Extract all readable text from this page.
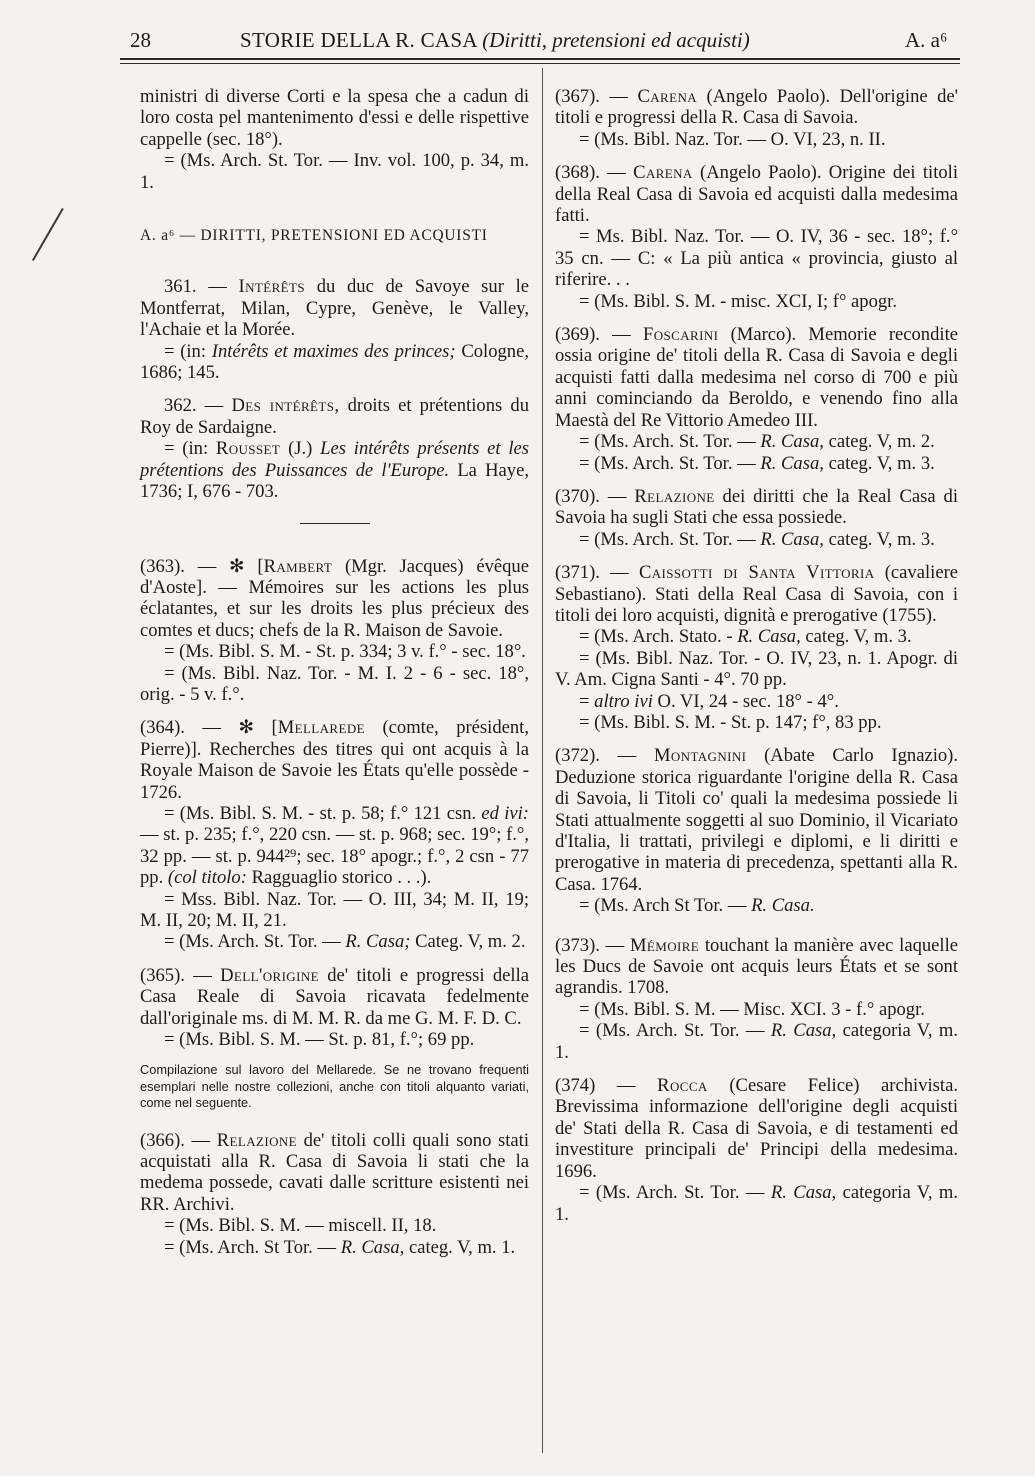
28	STORIE DELLA R. CASA (Diritti, pretensioni ed acquisti)	A. a⁶

ministri di diverse Corti e la spesa che a cadun di loro costa pel mantenimento d'essi e delle rispettive cappelle (sec. 18°).

= (Ms. Arch. St. Tor. — Inv. vol. 100, p. 34, m. 1.

A. a⁶ — DIRITTI, PRETENSIONI ED ACQUISTI

361. — Intérêts du duc de Savoye sur le Montferrat, Milan, Cypre, Genève, le Valley, l'Achaie et la Morée.

= (in: Intérêts et maximes des princes; Cologne, 1686; 145.

362. — Des intérêts, droits et prétentions du Roy de Sardaigne.

= (in: Rousset (J.) Les intérêts présents et les prétentions des Puissances de l'Europe. La Haye, 1736; I, 676 - 703.

(363). — ✻ [Rambert (Mgr. Jacques) évêque d'Aoste]. — Mémoires sur les actions les plus éclatantes, et sur les droits les plus précieux des comtes et ducs; chefs de la R. Maison de Savoie.

= (Ms. Bibl. S. M. - St. p. 334; 3 v. f.° - sec. 18°.

= (Ms. Bibl. Naz. Tor. - M. I. 2 - 6 - sec. 18°, orig. - 5 v. f.°.

(364). — ✻ [Mellarede (comte, président, Pierre)]. Recherches des titres qui ont acquis à la Royale Maison de Savoie les États qu'elle possède - 1726.

= (Ms. Bibl. S. M. - st. p. 58; f.° 121 csn. ed ivi: — st. p. 235; f.°, 220 csn. — st. p. 968; sec. 19°; f.°, 32 pp. — st. p. 944²⁹; sec. 18° apogr.; f.°, 2 csn - 77 pp. (col titolo: Ragguaglio storico . . .).

= Mss. Bibl. Naz. Tor. — O. III, 34; M. II, 19; M. II, 20; M. II, 21.

= (Ms. Arch. St. Tor. — R. Casa; Categ. V, m. 2.

(365). — Dell'origine de' titoli e progressi della Casa Reale di Savoia ricavata fedelmente dall'originale ms. di M. M. R. da me G. M. F. D. C.

= (Ms. Bibl. S. M. — St. p. 81, f.°; 69 pp.

Compilazione sul lavoro del Mellarede. Se ne trovano frequenti esemplari nelle nostre collezioni, anche con titoli alquanto variati, come nel seguente.

(366). — Relazione de' titoli colli quali sono stati acquistati alla R. Casa di Savoia li stati che la medema possede, cavati dalle scritture esistenti nei RR. Archivi.

= (Ms. Bibl. S. M. — miscell. II, 18.

= (Ms. Arch. St Tor. — R. Casa, categ. V, m. 1.

(367). — Carena (Angelo Paolo). Dell'origine de' titoli e progressi della R. Casa di Savoia.

= (Ms. Bibl. Naz. Tor. — O. VI, 23, n. II.

(368). — Carena (Angelo Paolo). Origine dei titoli della Real Casa di Savoia ed acquisti dalla medesima fatti.

= Ms. Bibl. Naz. Tor. — O. IV, 36 - sec. 18°; f.° 35 cn. — C: « La più antica « provincia, giusto al riferire. . .

= (Ms. Bibl. S. M. - misc. XCI, I; f° apogr.

(369). — Foscarini (Marco). Memorie recondite ossia origine de' titoli della R. Casa di Savoia e degli acquisti fatti dalla medesima nel corso di 700 e più anni cominciando da Beroldo, e venendo fino alla Maestà del Re Vittorio Amedeo III.

= (Ms. Arch. St. Tor. — R. Casa, categ. V, m. 2.

= (Ms. Arch. St. Tor. — R. Casa, categ. V, m. 3.

(370). — Relazione dei diritti che la Real Casa di Savoia ha sugli Stati che essa possiede.

= (Ms. Arch. St. Tor. — R. Casa, categ. V, m. 3.

(371). — Caissotti di Santa Vittoria (cavaliere Sebastiano). Stati della Real Casa di Savoia, con i titoli dei loro acquisti, dignità e prerogative (1755).

= (Ms. Arch. Stato. - R. Casa, categ. V, m. 3.

= (Ms. Bibl. Naz. Tor. - O. IV, 23, n. 1. Apogr. di V. Am. Cigna Santi - 4°. 70 pp.

= altro ivi O. VI, 24 - sec. 18° - 4°.

= (Ms. Bibl. S. M. - St. p. 147; f°, 83 pp.

(372). — Montagnini (Abate Carlo Ignazio). Deduzione storica riguardante l'origine della R. Casa di Savoia, li Titoli co' quali la medesima possiede li Stati attualmente soggetti al suo Dominio, il Vicariato d'Italia, li trattati, privilegi e diplomi, e li diritti e prerogative in materia di precedenza, spettanti alla R. Casa. 1764.

= (Ms. Arch St Tor. — R. Casa.

(373). — Mémoire touchant la manière avec laquelle les Ducs de Savoie ont acquis leurs États et se sont agrandis. 1708.

= (Ms. Bibl. S. M. — Misc. XCI. 3 - f.° apogr.

= (Ms. Arch. St. Tor. — R. Casa, categoria V, m. 1.

(374) — Rocca (Cesare Felice) archivista. Brevissima informazione dell'origine degli acquisti de' Stati della R. Casa di Savoia, e di testamenti ed investiture principali de' Principi della medesima. 1696.

= (Ms. Arch. St. Tor. — R. Casa, categoria V, m. 1.
